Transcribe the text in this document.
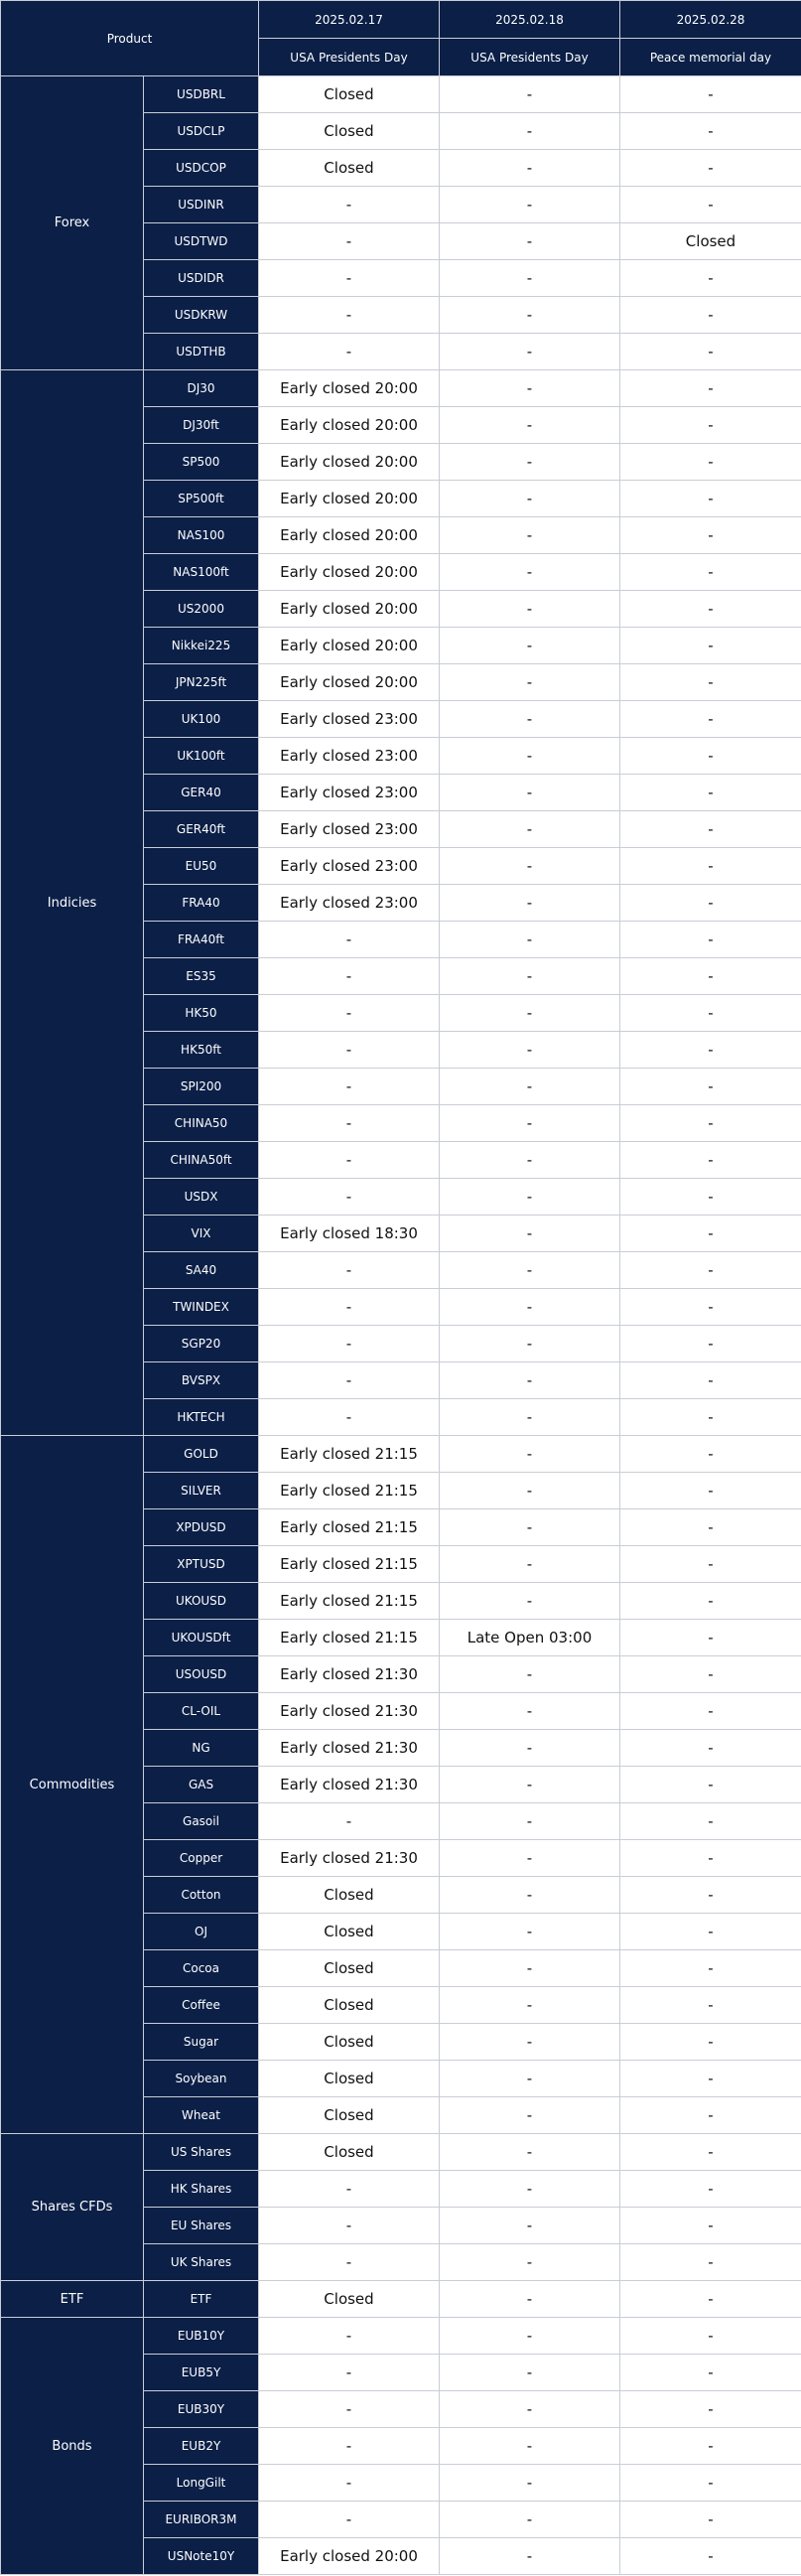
Product		2025.02.17	2025.02.18	2025.02.28
		USA Presidents Day	USA Presidents Day	Peace memorial day
Forex	USDBRL	Closed	-	-
	USDCLP	Closed	-	-
	USDCOP	Closed	-	-
	USDINR	-	-	-
	USDTWD	-	-	Closed
	USDIDR	-	-	-
	USDKRW	-	-	-
	USDTHB	-	-	-
Indicies	DJ30	Early closed 20:00	-	-
	DJ30ft	Early closed 20:00	-	-
	SP500	Early closed 20:00	-	-
	SP500ft	Early closed 20:00	-	-
	NAS100	Early closed 20:00	-	-
	NAS100ft	Early closed 20:00	-	-
	US2000	Early closed 20:00	-	-
	Nikkei225	Early closed 20:00	-	-
	JPN225ft	Early closed 20:00	-	-
	UK100	Early closed 23:00	-	-
	UK100ft	Early closed 23:00	-	-
	GER40	Early closed 23:00	-	-
	GER40ft	Early closed 23:00	-	-
	EU50	Early closed 23:00	-	-
	FRA40	Early closed 23:00	-	-
	FRA40ft	-	-	-
	ES35	-	-	-
	HK50	-	-	-
	HK50ft	-	-	-
	SPI200	-	-	-
	CHINA50	-	-	-
	CHINA50ft	-	-	-
	USDX	-	-	-
	VIX	Early closed 18:30	-	-
	SA40	-	-	-
	TWINDEX	-	-	-
	SGP20	-	-	-
	BVSPX	-	-	-
	HKTECH	-	-	-
Commodities	GOLD	Early closed 21:15	-	-
	SILVER	Early closed 21:15	-	-
	XPDUSD	Early closed 21:15	-	-
	XPTUSD	Early closed 21:15	-	-
	UKOUSD	Early closed 21:15	-	-
	UKOUSDft	Early closed 21:15	Late Open 03:00	-
	USOUSD	Early closed 21:30	-	-
	CL-OIL	Early closed 21:30	-	-
	NG	Early closed 21:30	-	-
	GAS	Early closed 21:30	-	-
	Gasoil	-	-	-
	Copper	Early closed 21:30	-	-
	Cotton	Closed	-	-
	OJ	Closed	-	-
	Cocoa	Closed	-	-
	Coffee	Closed	-	-
	Sugar	Closed	-	-
	Soybean	Closed	-	-
	Wheat	Closed	-	-
Shares CFDs	US Shares	Closed	-	-
	HK Shares	-	-	-
	EU Shares	-	-	-
	UK Shares	-	-	-
ETF	ETF	Closed	-	-
Bonds	EUB10Y	-	-	-
	EUB5Y	-	-	-
	EUB30Y	-	-	-
	EUB2Y	-	-	-
	LongGilt	-	-	-
	EURIBOR3M	-	-	-
	USNote10Y	Early closed 20:00	-	-
